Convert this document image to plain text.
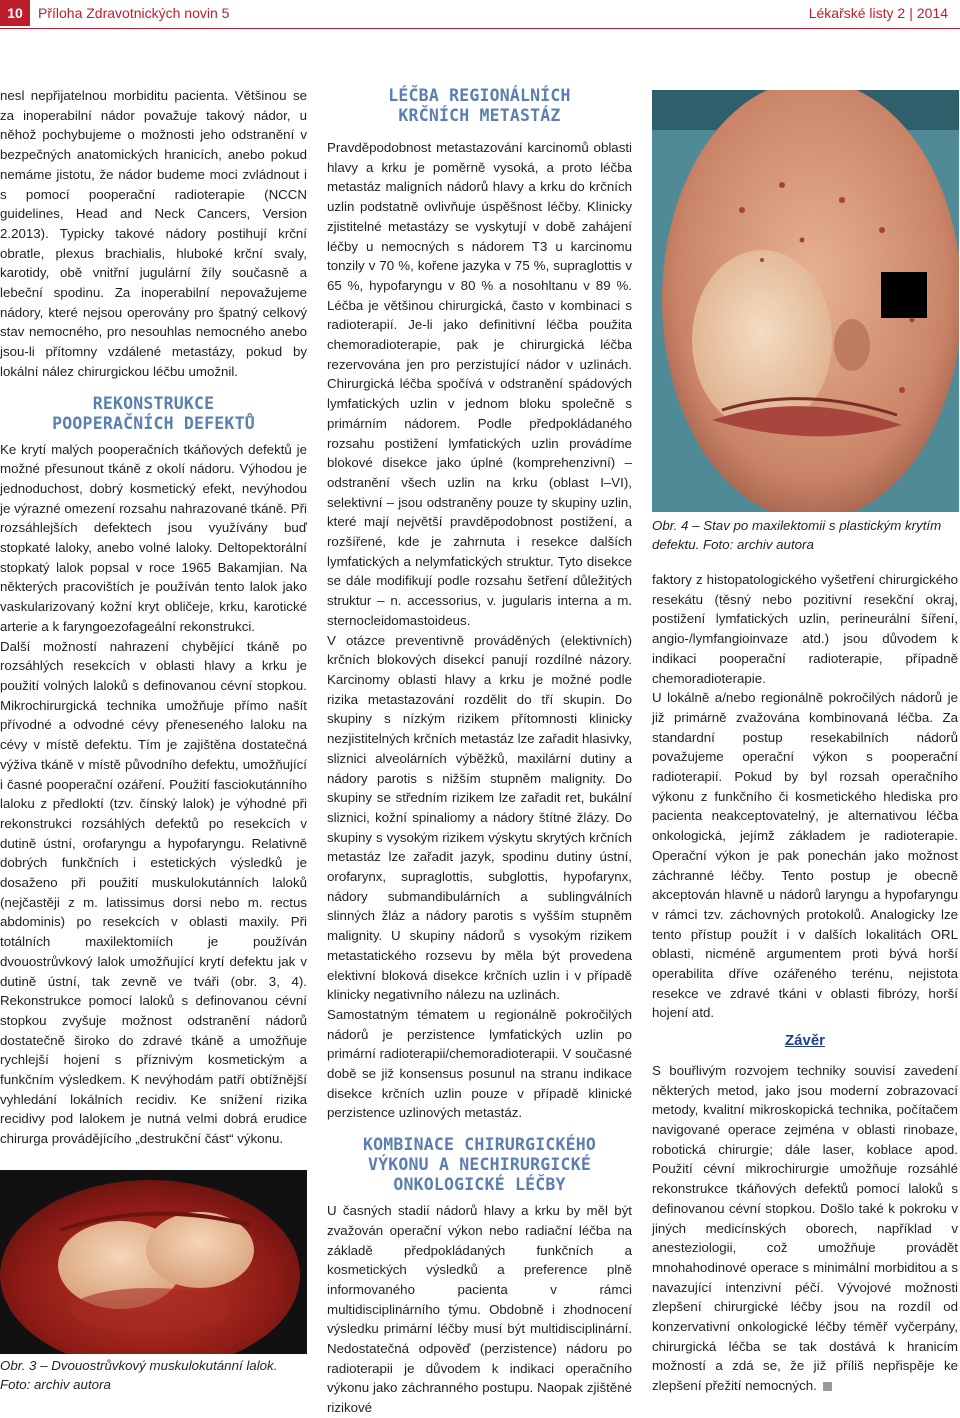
10	Příloha Zdravotnických novin 5	Lékařské listy 2 | 2014

nesl nepřijatelnou morbiditu pacienta. Většinou se za inoperabilní nádor považuje takový nádor, u něhož pochybujeme o možnosti jeho odstranění v bezpečných anatomických hranicích, anebo pokud nemáme jistotu, že nádor budeme moci zvládnout i s pomocí pooperační radioterapie (NCCN guidelines, Head and Neck Cancers, Version 2.2013). Typicky takové nádory postihují krční obratle, plexus brachialis, hluboké krční svaly, karotidy, obě vnitřní jugulární žíly současně a lebeční spodinu. Za inoperabilní nepovažujeme nádory, které nejsou operovány pro špatný celkový stav nemocného, pro nesouhlas nemocného anebo jsou-li přítomny vzdálené metastázy, pokud by lokální nález chirurgickou léčbu umožnil.

REKONSTRUKCE
POOPERAČNÍCH DEFEKTŮ

Ke krytí malých pooperačních tkáňových defektů je možné přesunout tkáně z okolí nádoru. Výhodou je jednoduchost, dobrý kosmetický efekt, nevýhodou je výrazné omezení rozsahu nahrazované tkáně. Při rozsáhlejších defektech jsou využívány buď stopkaté laloky, anebo volné laloky. Deltopektorální stopkatý lalok popsal v roce 1965 Bakamjian. Na některých pracovištích je používán tento lalok jako vaskularizovaný kožní kryt obličeje, krku, karotické arterie a k faryngoezofageální rekonstrukci.

Další možností nahrazení chybějící tkáně po rozsáhlých resekcích v oblasti hlavy a krku je použití volných laloků s definovanou cévní stopkou. Mikrochirurgická technika umožňuje přímo našít přívodné a odvodné cévy přeneseného laloku na cévy v místě defektu. Tím je zajištěna dostatečná výživa tkáně v místě původního defektu, umožňující i časné pooperační ozáření. Použití fasciokutánního laloku z předloktí (tzv. čínský lalok) je výhodné při rekonstrukci rozsáhlých defektů po resekcích v dutině ústní, orofaryngu a hypofaryngu. Relativně dobrých funkčních i estetických výsledků je dosaženo při použití muskulokutánních laloků (nejčastěji z m. latissimus dorsi nebo m. rectus abdominis) po resekcích v oblasti maxily. Při totálních maxilektomiích je používán dvouostrůvkový lalok umožňující krytí defektu jak v dutině ústní, tak zevně ve tváři (obr. 3, 4). Rekonstrukce pomocí laloků s definovanou cévní stopkou zvyšuje možnost odstranění nádorů dostatečně široko do zdravé tkáně a umožňuje rychlejší hojení s příznivým kosmetickým a funkčním výsledkem. K nevýhodám patří obtížnější vyhledání lokálních recidiv. Ke snížení rizika recidivy pod lalokem je nutná velmi dobrá erudice chirurga provádějícího „destrukční část“ výkonu.

Obr. 3 – Dvouostrůvkový muskulokutánní lalok.
Foto: archiv autora
LÉČBA REGIONÁLNÍCH
KRČNÍCH METASTÁZ

Pravděpodobnost metastazování karcinomů oblasti hlavy a krku je poměrně vysoká, a proto léčba metastáz maligních nádorů hlavy a krku do krčních uzlin podstatně ovlivňuje úspěšnost léčby. Klinicky zjistitelné metastázy se vyskytují v době zahájení léčby u nemocných s nádorem T3 u karcinomu tonzily v 70 %, kořene jazyka v 75 %, supraglottis v 65 %, hypofaryngu v 80 % a nosohltanu v 89 %. Léčba je většinou chirurgická, často v kombinaci s radioterapií. Je-li jako definitivní léčba použita chemoradioterapie, pak je chirurgická léčba rezervována jen pro perzistující nádor v uzlinách. Chirurgická léčba spočívá v odstranění spádových lymfatických uzlin v jednom bloku společně s primárním nádorem. Podle předpokládaného rozsahu postižení lymfatických uzlin provádíme blokové disekce jako úplné (komprehenzivní) – odstranění všech uzlin na krku (oblast I–VI), selektivní – jsou odstraněny pouze ty skupiny uzlin, které mají největší pravděpodobnost postižení, a rozšířené, kde je zahrnuta i resekce dalších lymfatických a nelymfatických struktur. Tyto disekce se dále modifikují podle rozsahu šetření důležitých struktur – n. accessorius, v. jugularis interna a m. sternocleidomastoideus.

V otázce preventivně prováděných (elektivních) krčních blokových disekcí panují rozdílné názory. Karcinomy oblasti hlavy a krku je možné podle rizika metastazování rozdělit do tří skupin. Do skupiny s nízkým rizikem přítomnosti klinicky nezjistitelných krčních metastáz lze zařadit hlasivky, sliznici alveolárních výběžků, maxilární dutiny a nádory parotis s nižším stupněm malignity. Do skupiny se středním rizikem lze zařadit ret, bukální sliznici, kožní spinaliomy a nádory štítné žlázy. Do skupiny s vysokým rizikem výskytu skrytých krčních metastáz lze zařadit jazyk, spodinu dutiny ústní, orofarynx, supraglottis, subglottis, hypofarynx, nádory submandibulárních a sublingválních slinných žláz a nádory parotis s vyšším stupněm malignity. U skupiny nádorů s vysokým rizikem metastatického rozsevu by měla být provedena elektivní bloková disekce krčních uzlin i v případě klinicky negativního nálezu na uzlinách.

Samostatným tématem u regionálně pokročilých nádorů je perzistence lymfatických uzlin po primární radioterapii/chemoradioterapii. V současné době se již konsensus posunul na stranu indikace disekce krčních uzlin pouze v případě klinické perzistence uzlinových metastáz.

KOMBINACE CHIRURGICKÉHO
VÝKONU A NECHIRURGICKÉ
ONKOLOGICKÉ LÉČBY

U časných stadií nádorů hlavy a krku by měl být zvažován operační výkon nebo radiační léčba na základě předpokládaných funkčních a kosmetických výsledků a preference plně informovaného pacienta v rámci multidisciplinárního týmu. Obdobně i zhodnocení výsledku primární léčby musí být multidisciplinární. Nedostatečná odpověď (perzistence) nádoru po radioterapii je důvodem k indikaci operačního výkonu jako záchranného postupu. Naopak zjištěné rizikové

Obr. 4 – Stav po maxilektomii s plastickým krytím
defektu. Foto: archiv autora

faktory z histopatologického vyšetření chirurgického resekátu (těsný nebo pozitivní resekční okraj, postižení lymfatických uzlin, perineurální šíření, angio-/lymfangioinvaze atd.) jsou důvodem k indikaci pooperační radioterapie, případně chemoradioterapie.

U lokálně a/nebo regionálně pokročilých nádorů je již primárně zvažována kombinovaná léčba. Za standardní postup resekabilních nádorů považujeme operační výkon s pooperační radioterapií. Pokud by byl rozsah operačního výkonu z funkčního či kosmetického hlediska pro pacienta neakceptovatelný, je alternativou léčba onkologická, jejímž základem je radioterapie. Operační výkon je pak ponechán jako možnost záchranné léčby. Tento postup je obecně akceptován hlavně u nádorů laryngu a hypofaryngu v rámci tzv. záchovných protokolů. Analogicky lze tento přístup použít i v dalších lokalitách ORL oblasti, nicméně argumentem proti bývá horší operabilita dříve ozářeného terénu, nejistota resekce ve zdravé tkáni v oblasti fibrózy, horší hojení atd.

Závěr

S bouřlivým rozvojem techniky souvisí zavedení některých metod, jako jsou moderní zobrazovací metody, kvalitní mikroskopická technika, počítačem navigované operace zejména v oblasti rinobaze, robotická chirurgie; dále laser, koblace apod. Použití cévní mikrochirurgie umožňuje rozsáhlé rekonstrukce tkáňových defektů pomocí laloků s definovanou cévní stopkou. Došlo také k pokroku v jiných medicínských oborech, například v anesteziologii, což umožňuje provádět mnohahodinové operace s minimální morbiditou a s navazující intenzivní péčí. Vývojové možnosti zlepšení chirurgické léčby jsou na rozdíl od konzervativní onkologické léčby téměř vyčerpány, chirurgická léčba se tak dostává k hranicím možností a zdá se, že již příliš nepřispěje ke zlepšení přežití nemocných.
